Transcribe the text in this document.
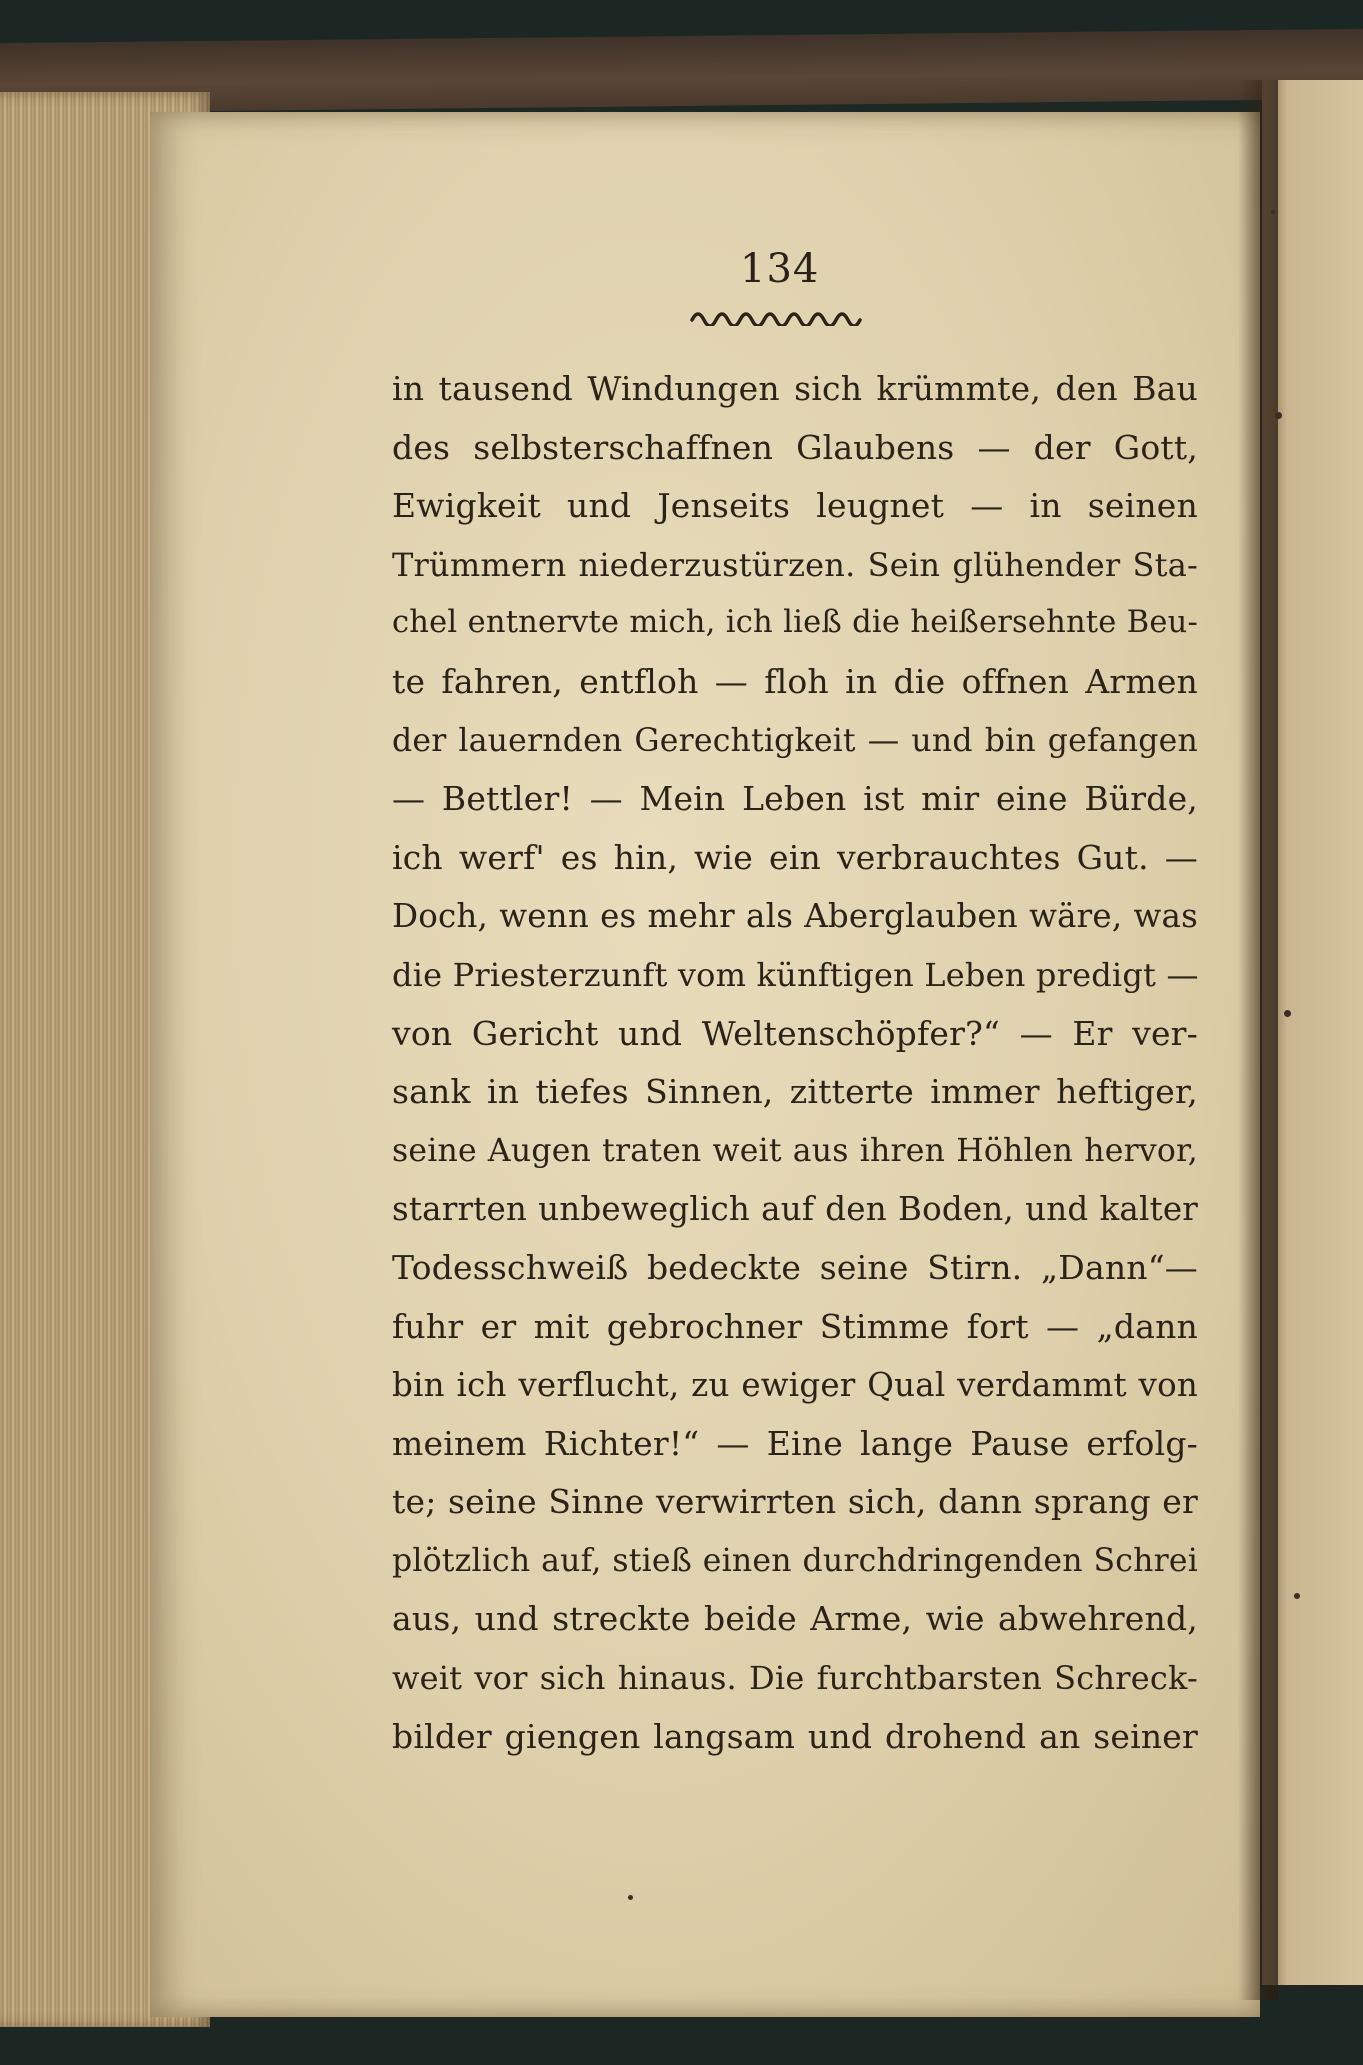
134
in tausend Windungen sich krümmte, den Bau
des selbsterschaffnen Glaubens — der Gott,
Ewigkeit und Jenseits leugnet — in seinen
Trümmern niederzustürzen. Sein glühender Sta-
chel entnervte mich, ich ließ die heißersehnte Beu-
te fahren, entfloh — floh in die offnen Armen
der lauernden Gerechtigkeit — und bin gefangen
— Bettler! — Mein Leben ist mir eine Bürde,
ich werf' es hin, wie ein verbrauchtes Gut. —
Doch, wenn es mehr als Aberglauben wäre, was
die Priesterzunft vom künftigen Leben predigt —
von Gericht und Weltenschöpfer?“ — Er ver-
sank in tiefes Sinnen, zitterte immer heftiger,
seine Augen traten weit aus ihren Höhlen hervor,
starrten unbeweglich auf den Boden, und kalter
Todesschweiß bedeckte seine Stirn. „Dann“—
fuhr er mit gebrochner Stimme fort — „dann
bin ich verflucht, zu ewiger Qual verdammt von
meinem Richter!“ — Eine lange Pause erfolg-
te; seine Sinne verwirrten sich, dann sprang er
plötzlich auf, stieß einen durchdringenden Schrei
aus, und streckte beide Arme, wie abwehrend,
weit vor sich hinaus. Die furchtbarsten Schreck-
bilder giengen langsam und drohend an seiner
